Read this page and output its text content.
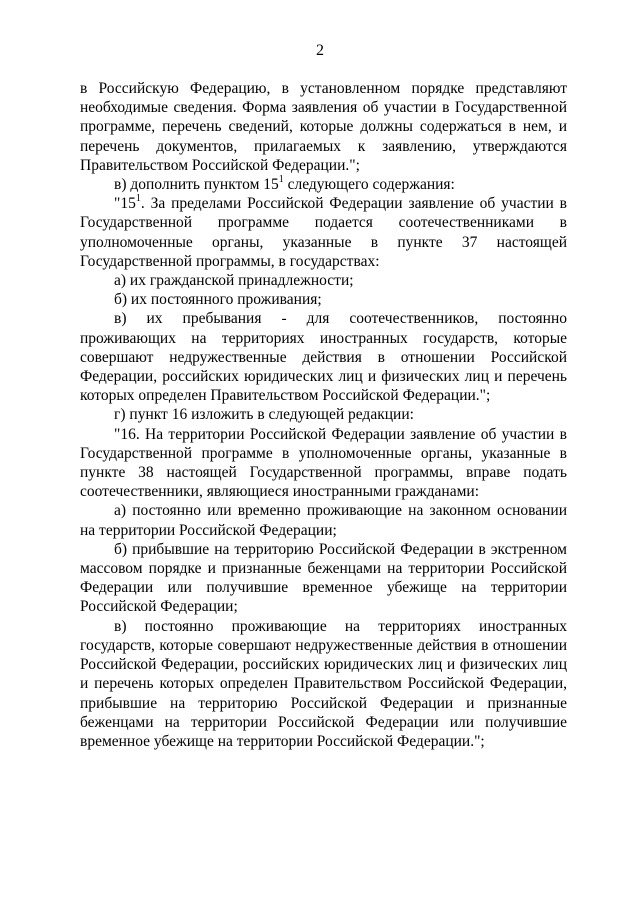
2

в Российскую Федерацию, в установленном порядке представляют необходимые сведения. Форма заявления об участии в Государственной программе, перечень сведений, которые должны содержаться в нем, и перечень документов, прилагаемых к заявлению, утверждаются Правительством Российской Федерации.";

в) дополнить пунктом $15^1$ следующего содержания:

"$15^1$. За пределами Российской Федерации заявление об участии в Государственной программе подается соотечественниками в уполномоченные органы, указанные в пункте 37 настоящей Государственной программы, в государствах:

а) их гражданской принадлежности;

б) их постоянного проживания;

в) их пребывания - для соотечественников, постоянно проживающих на территориях иностранных государств, которые совершают недружественные действия в отношении Российской Федерации, российских юридических лиц и физических лиц и перечень которых определен Правительством Российской Федерации.";

г) пункт 16 изложить в следующей редакции:

"16. На территории Российской Федерации заявление об участии в Государственной программе в уполномоченные органы, указанные в пункте 38 настоящей Государственной программы, вправе подать соотечественники, являющиеся иностранными гражданами:

а) постоянно или временно проживающие на законном основании на территории Российской Федерации;

б) прибывшие на территорию Российской Федерации в экстренном массовом порядке и признанные беженцами на территории Российской Федерации или получившие временное убежище на территории Российской Федерации;

в) постоянно проживающие на территориях иностранных государств, которые совершают недружественные действия в отношении Российской Федерации, российских юридических лиц и физических лиц и перечень которых определен Правительством Российской Федерации, прибывшие на территорию Российской Федерации и признанные беженцами на территории Российской Федерации или получившие временное убежище на территории Российской Федерации.";
